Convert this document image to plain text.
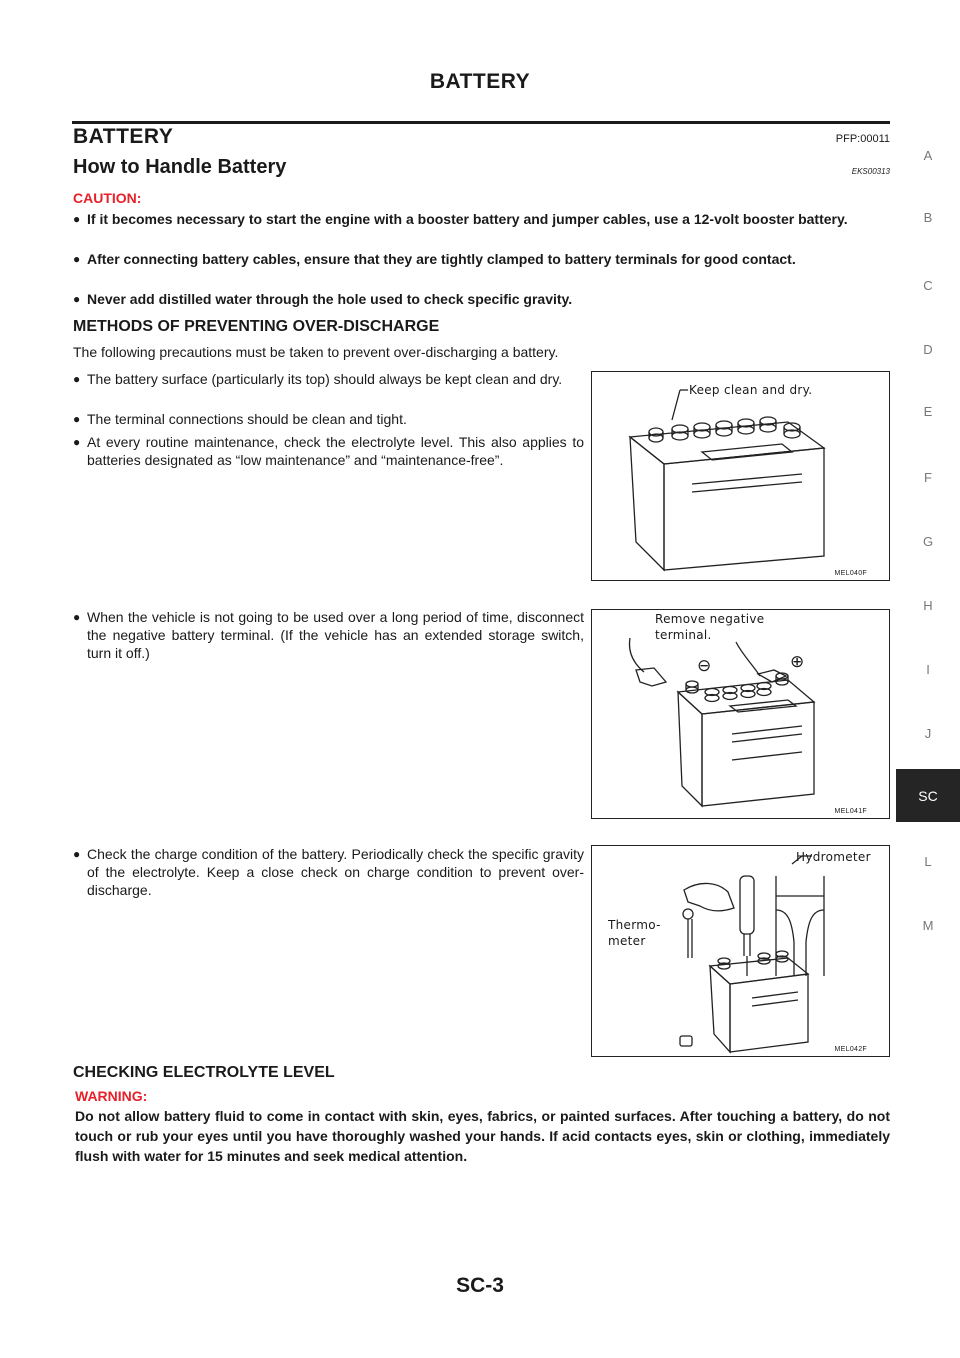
BATTERY
BATTERY	PFP:00011
How to Handle Battery	EKS00313
CAUTION:
● If it becomes necessary to start the engine with a booster battery and jumper cables, use a 12-volt booster battery.
● After connecting battery cables, ensure that they are tightly clamped to battery terminals for good contact.
● Never add distilled water through the hole used to check specific gravity.
METHODS OF PREVENTING OVER-DISCHARGE
The following precautions must be taken to prevent over-discharging a battery.
● The battery surface (particularly its top) should always be kept clean and dry.
● The terminal connections should be clean and tight.
● At every routine maintenance, check the electrolyte level. This also applies to batteries designated as “low maintenance” and “maintenance-free”.
● When the vehicle is not going to be used over a long period of time, disconnect the negative battery terminal. (If the vehicle has an extended storage switch, turn it off.)
● Check the charge condition of the battery. Periodically check the specific gravity of the electrolyte. Keep a close check on charge condition to prevent over-discharge.
Keep clean and dry.
MEL040F
Remove negative
terminal.
⊖	⊕
MEL041F
Hydrometer
Thermo-
meter
MEL042F
CHECKING ELECTROLYTE LEVEL
WARNING:
Do not allow battery fluid to come in contact with skin, eyes, fabrics, or painted surfaces. After touching a battery, do not touch or rub your eyes until you have thoroughly washed your hands. If acid contacts eyes, skin or clothing, immediately flush with water for 15 minutes and seek medical attention.
A
B
C
D
E
F
G
H
I
J
SC
L
M
SC-3
